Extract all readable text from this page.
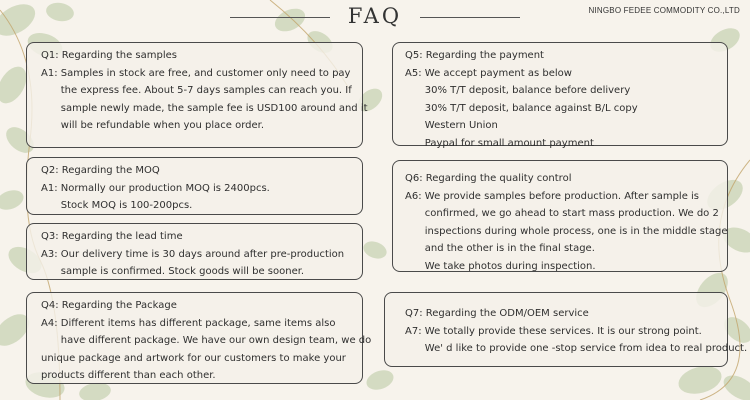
FAQ	NINGBO FEDEE COMMODITY CO.,LTD
Q1: Regarding the samples
A1: Samples in stock are free, and customer only need to pay
the express fee. About 5-7 days samples can reach you. If
sample newly made, the sample fee is USD100 around and it
will be refundable when you place order.
Q2: Regarding the MOQ
A1: Normally our production MOQ is 2400pcs.
Stock MOQ is 100-200pcs.
Q3: Regarding the lead time
A3: Our delivery time is 30 days around after pre-production
sample is confirmed. Stock goods will be sooner.
Q4: Regarding the Package
A4: Different items has different package, same items also
have different package. We have our own design team, we do
unique package and artwork for our customers to make your
products different than each other.
Q5: Regarding the payment
A5: We accept payment as below
30% T/T deposit, balance before delivery
30% T/T deposit, balance against B/L copy
Western Union
Paypal for small amount payment
Q6: Regarding the quality control
A6: We provide samples before production. After sample is
confirmed, we go ahead to start mass production. We do 2
inspections during whole process, one is in the middle stage
and the other is in the final stage.
We take photos during inspection.
Q7: Regarding the ODM/OEM service
A7: We totally provide these services. It is our strong point.
We' d like to provide one -stop service from idea to real product.
